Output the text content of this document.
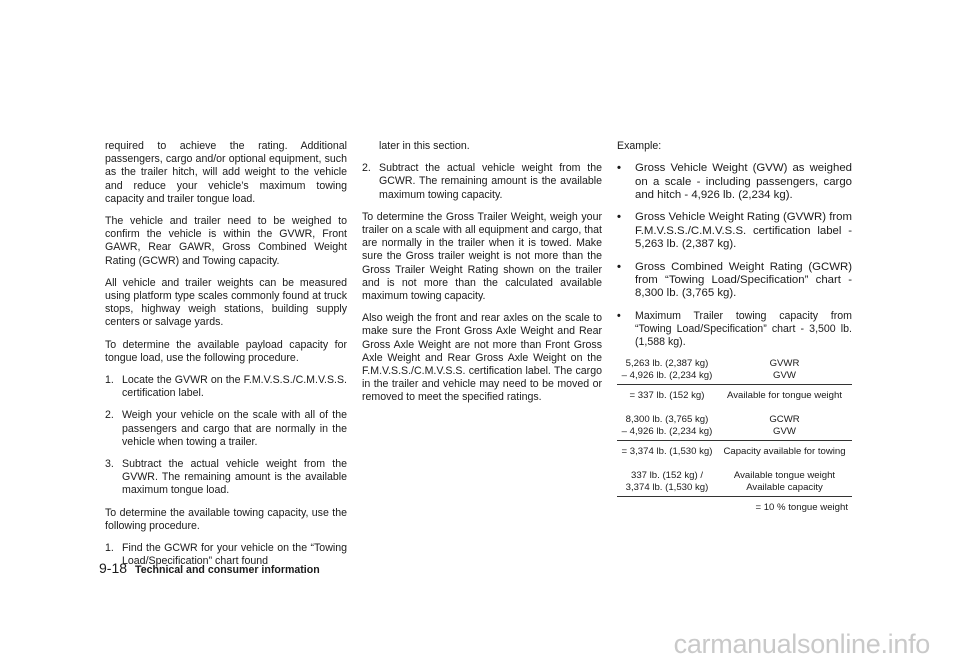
required to achieve the rating. Additional passengers, cargo and/or optional equipment, such as the trailer hitch, will add weight to the vehicle and reduce your vehicle’s maximum towing capacity and trailer tongue load.

The vehicle and trailer need to be weighed to confirm the vehicle is within the GVWR, Front GAWR, Rear GAWR, Gross Combined Weight Rating (GCWR) and Towing capacity.

All vehicle and trailer weights can be measured using platform type scales commonly found at truck stops, highway weigh stations, building supply centers or salvage yards.

To determine the available payload capacity for tongue load, use the following procedure.

1. Locate the GVWR on the F.M.V.S.S./C.M.V.S.S. certification label.
2. Weigh your vehicle on the scale with all of the passengers and cargo that are normally in the vehicle when towing a trailer.
3. Subtract the actual vehicle weight from the GVWR. The remaining amount is the available maximum tongue load.

To determine the available towing capacity, use the following procedure.

1. Find the GCWR for your vehicle on the “Towing Load/Specification” chart found
later in this section.
2. Subtract the actual vehicle weight from the GCWR. The remaining amount is the available maximum towing capacity.

To determine the Gross Trailer Weight, weigh your trailer on a scale with all equipment and cargo, that are normally in the trailer when it is towed. Make sure the Gross trailer weight is not more than the Gross Trailer Weight Rating shown on the trailer and is not more than the calculated available maximum towing capacity.

Also weigh the front and rear axles on the scale to make sure the Front Gross Axle Weight and Rear Gross Axle Weight are not more than Front Gross Axle Weight and Rear Gross Axle Weight on the F.M.V.S.S./C.M.V.S.S. certification label. The cargo in the trailer and vehicle may need to be moved or removed to meet the specified ratings.

Example:

• Gross Vehicle Weight (GVW) as weighed on a scale - including passengers, cargo and hitch - 4,926 lb. (2,234 kg).
• Gross Vehicle Weight Rating (GVWR) from F.M.V.S.S./C.M.V.S.S. certification label - 5,263 lb. (2,387 kg).
• Gross Combined Weight Rating (GCWR) from “Towing Load/Specification” chart - 8,300 lb. (3,765 kg).
• Maximum Trailer towing capacity from “Towing Load/Specification” chart - 3,500 lb. (1,588 kg).
5,263 lb. (2,387 kg)	GVWR
– 4,926 lb. (2,234 kg)	GVW
= 337 lb. (152 kg)	Available for tongue weight
8,300 lb. (3,765 kg)	GCWR
– 4,926 lb. (2,234 kg)	GVW
= 3,374 lb. (1,530 kg)	Capacity available for towing
337 lb. (152 kg) /	Available tongue weight
3,374 lb. (1,530 kg)	Available capacity
= 10 % tongue weight
9-18 Technical and consumer information
carmanualsonline.info
